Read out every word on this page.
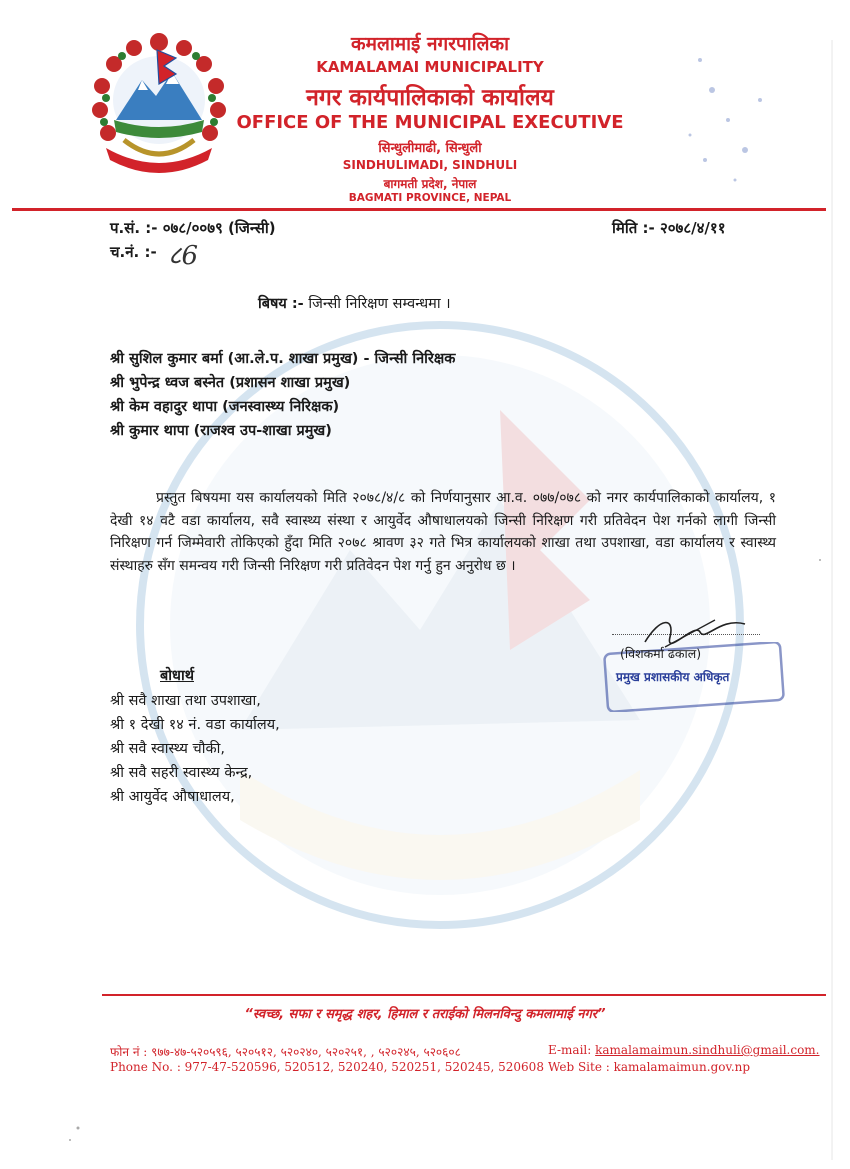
कमलामाई नगरपालिका
KAMALAMAI MUNICIPALITY
नगर कार्यपालिकाको कार्यालय
OFFICE OF THE MUNICIPAL EXECUTIVE
सिन्धुलीमाढी, सिन्धुली
SINDHULIMADI, SINDHULI
बागमती प्रदेश, नेपाल
BAGMATI PROVINCE, NEPAL
प.सं. :- ०७८/००७९ (जिन्सी)
च.नं. :- ८6
मिति :- २०७८/४/११
बिषय :- जिन्सी निरिक्षण सम्वन्धमा ।
श्री सुशिल कुमार बर्मा (आ.ले.प. शाखा प्रमुख) - जिन्सी निरिक्षक
श्री भुपेन्द्र ध्वज बस्नेत (प्रशासन शाखा प्रमुख)
श्री केम वहादुर थापा (जनस्वास्थ्य निरिक्षक)
श्री कुमार थापा (राजश्व उप-शाखा प्रमुख)
प्रस्तुत बिषयमा यस कार्यालयको मिति २०७८/४/८ को निर्णयानुसार आ.व. ०७७/०७८ को नगर कार्यपालिकाको कार्यालय, १ देखी १४ वटै वडा कार्यालय, सवै स्वास्थ्य संस्था र आयुर्वेद औषाधालयको जिन्सी निरिक्षण गरी प्रतिवेदन पेश गर्नको लागी जिन्सी निरिक्षण गर्न जिम्मेवारी तोकिएको हुँदा मिति २०७८ श्रावण ३२ गते भित्र कार्यालयको शाखा तथा उपशाखा, वडा कार्यालय र स्वास्थ्य संस्थाहरु सँग समन्वय गरी जिन्सी निरिक्षण गरी प्रतिवेदन पेश गर्नु हुन अनुरोध छ ।
(विशकर्मा ढकाल)
प्रमुख प्रशासकीय अधिकृत
बोधार्थ
श्री सवै शाखा तथा उपशाखा,
श्री १ देखी १४ नं. वडा कार्यालय,
श्री सवै स्वास्थ्य चौकी,
श्री सवै सहरी स्वास्थ्य केन्द्र,
श्री आयुर्वेद औषाधालय,
“स्वच्छ, सफा र समृद्ध शहर, हिमाल र तराईको मिलनविन्दु कमलामाई नगर”
फोन नं : ९७७-४७-५२०५९६, ५२०५१२, ५२०२४०, ५२०२५१, , ५२०२४५, ५२०६०८
Phone No. : 977-47-520596, 520512, 520240, 520251, 520245, 520608
E-mail: kamalamaimun.sindhuli@gmail.com.
Web Site : kamalamaimun.gov.np
